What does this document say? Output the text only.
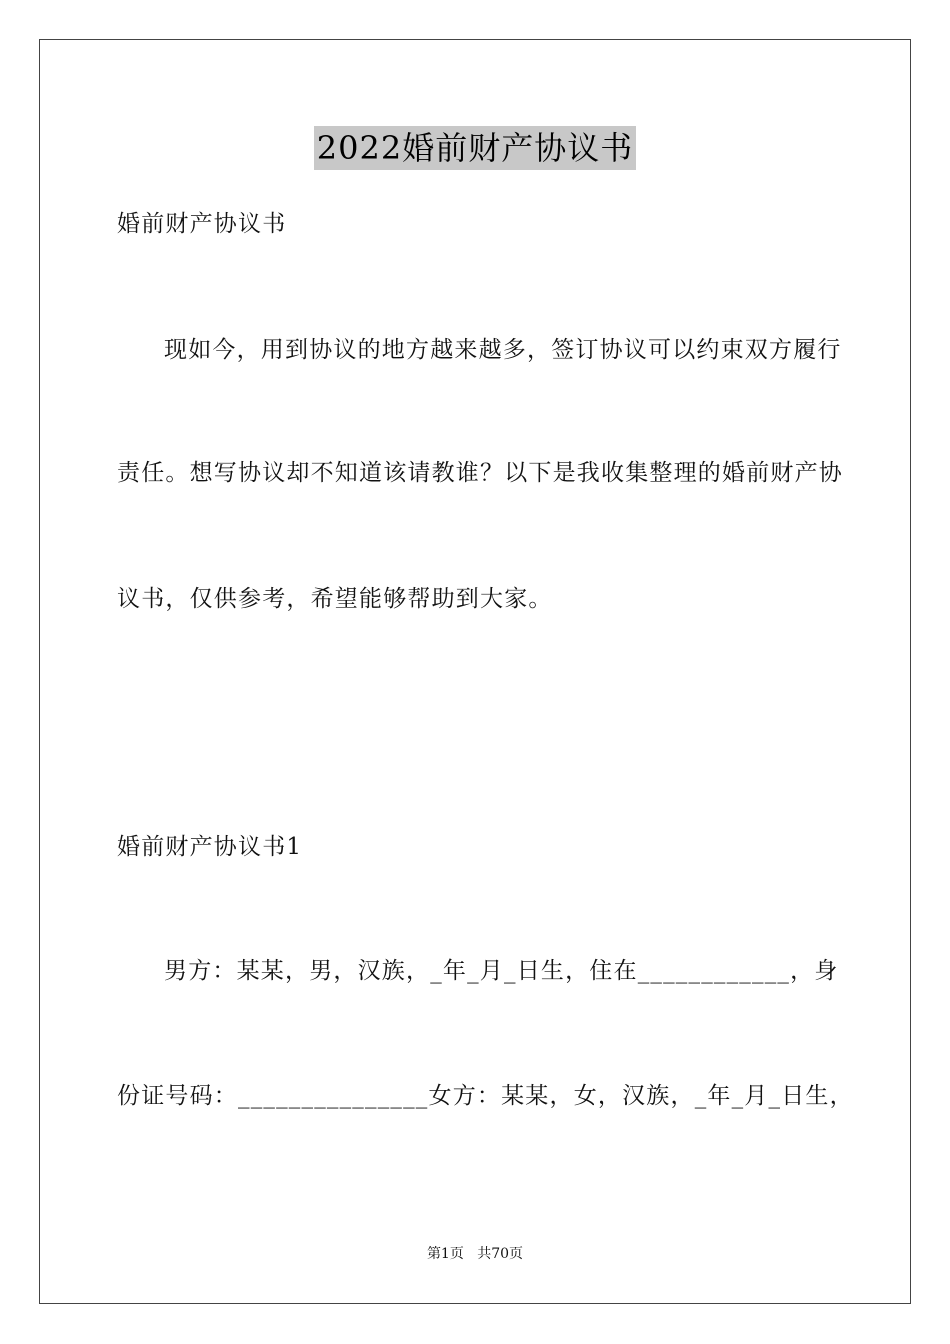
2022婚前财产协议书
婚前财产协议书
现如今，用到协议的地方越来越多，签订协议可以约束双方履行
责任。想写协议却不知道该请教谁？以下是我收集整理的婚前财产协
议书，仅供参考，希望能够帮助到大家。
婚前财产协议书1
男方：某某，男，汉族，_年_月_日生，住在____________，身
份证号码：_______________女方：某某，女，汉族，_年_月_日生，
第1页 共70页
